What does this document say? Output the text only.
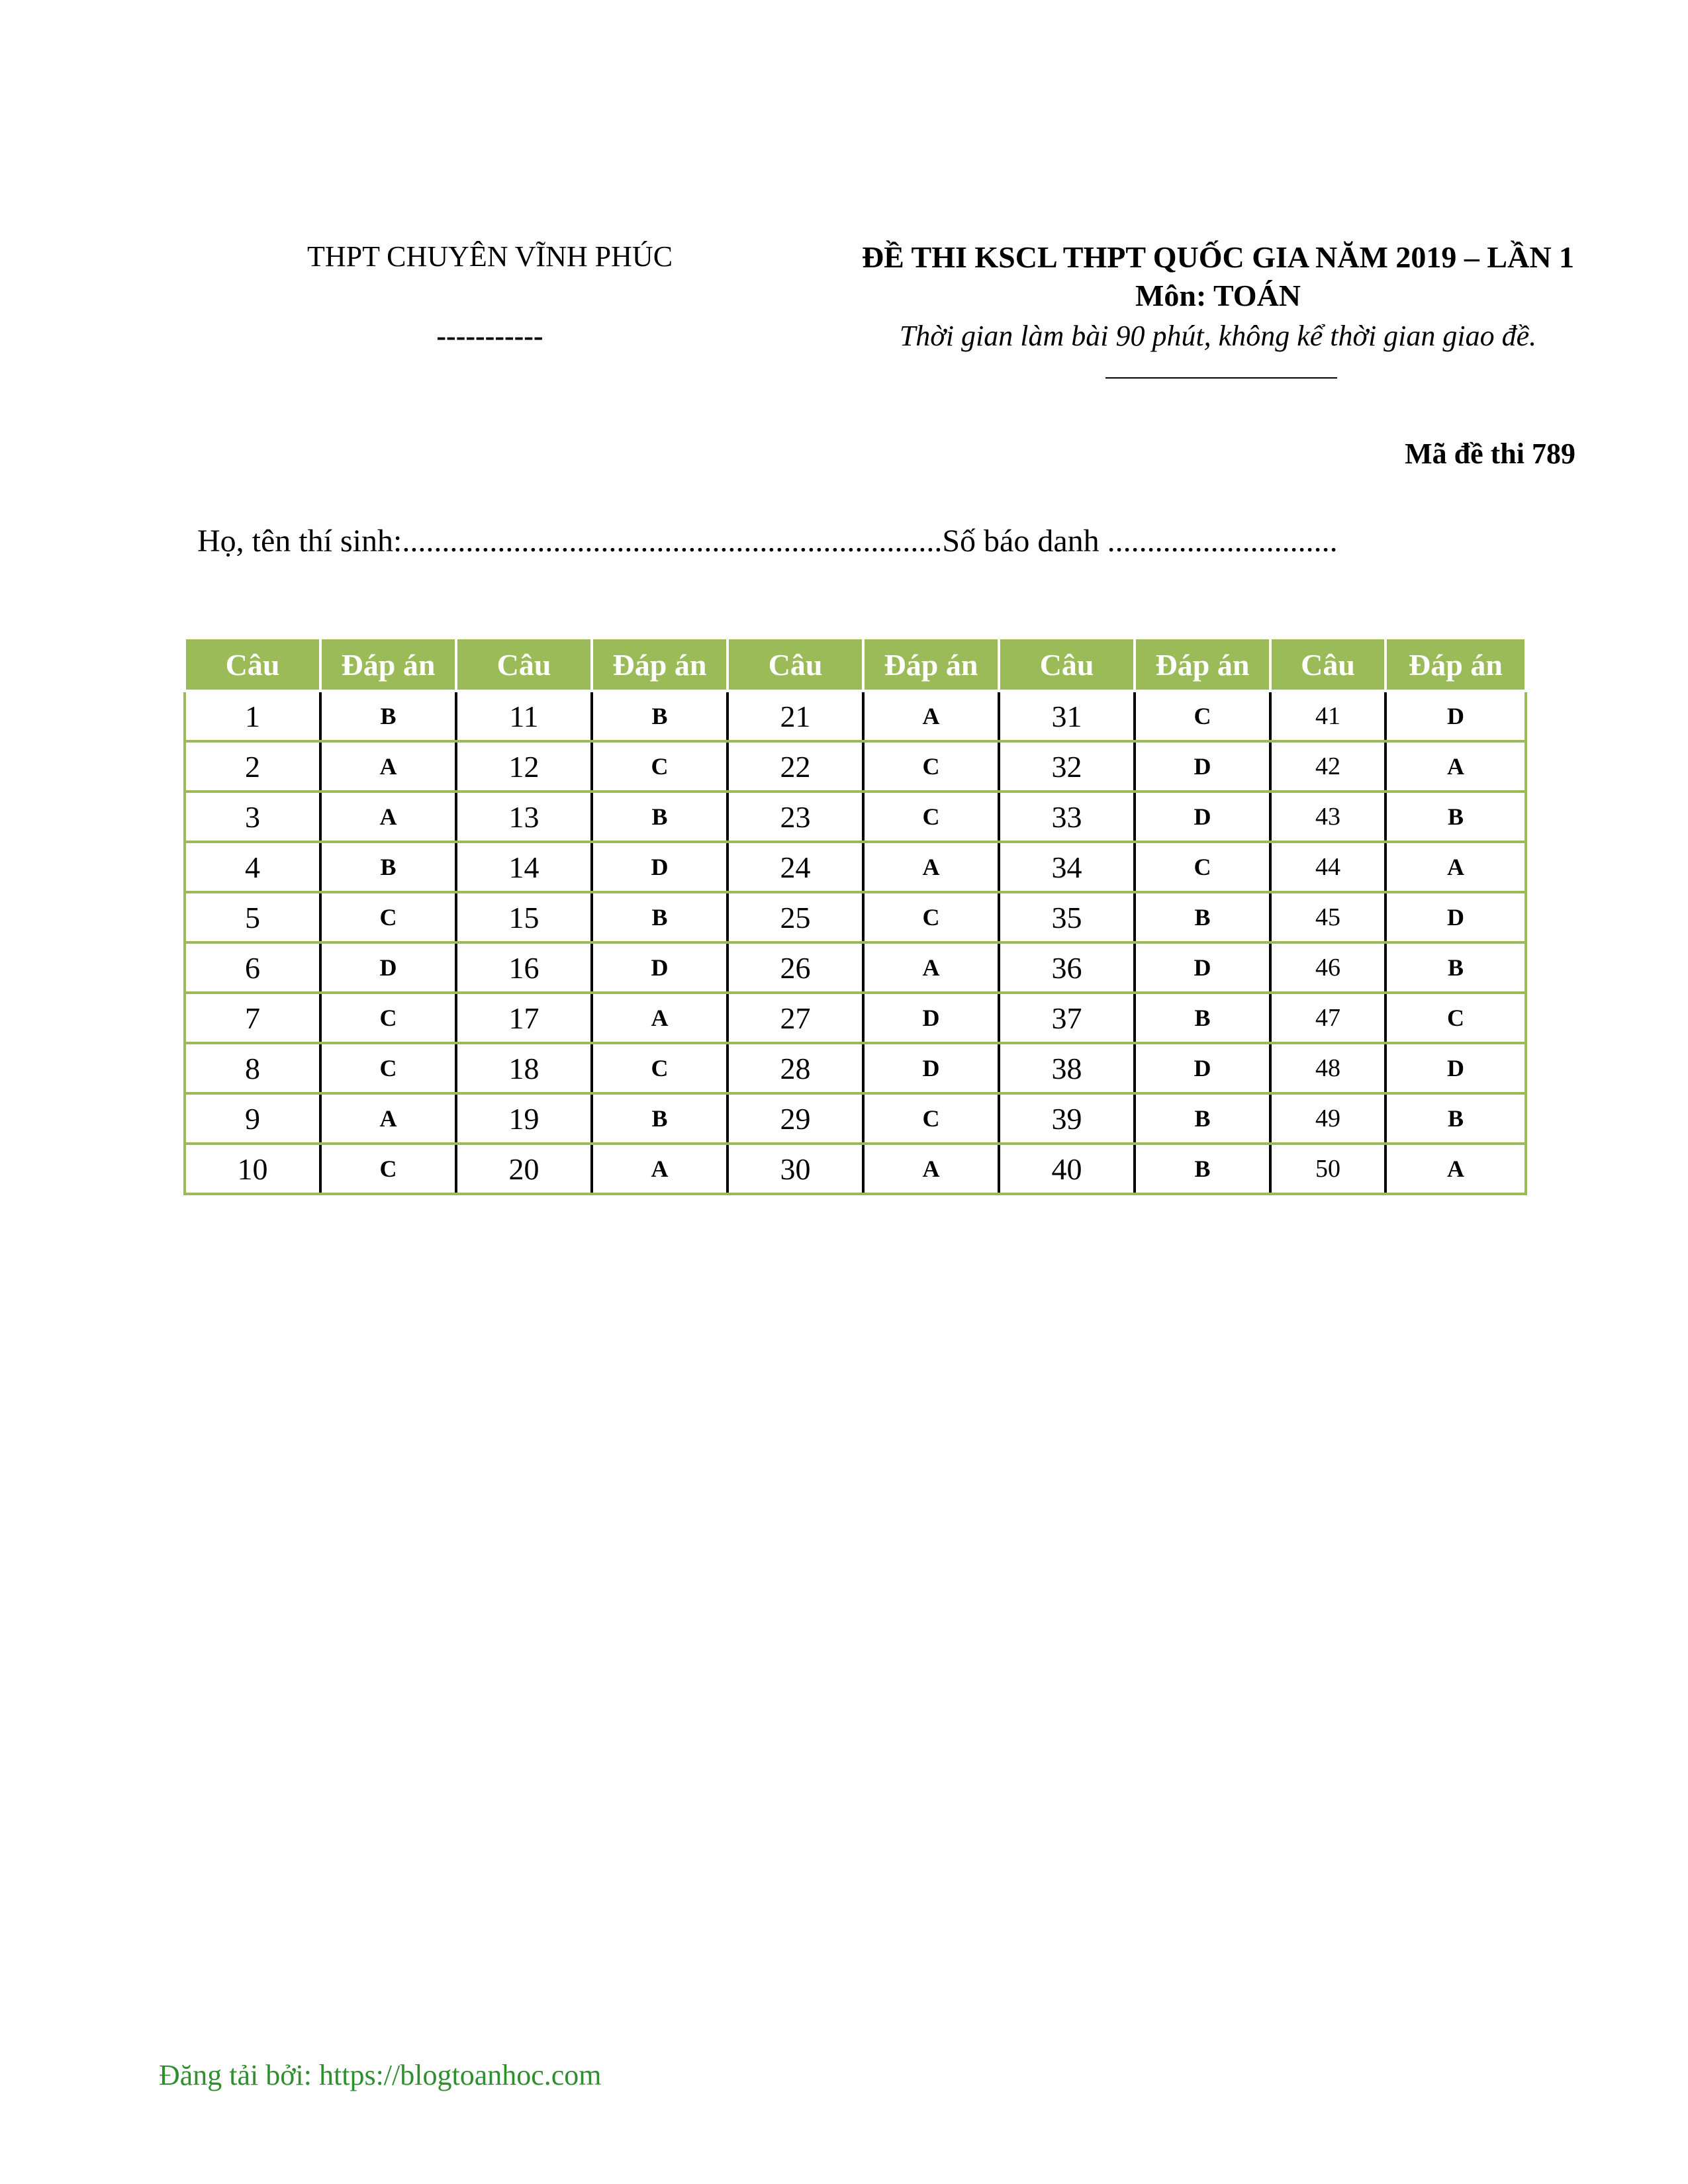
THPT CHUYÊN VĨNH PHÚC
-----------
ĐỀ THI KSCL THPT QUỐC GIA NĂM 2019 – LẦN 1
Môn: TOÁN
Thời gian làm bài 90 phút, không kể thời gian giao đề.
Mã đề thi 789
Họ, tên thí sinh:....................................................................Số báo danh .............................
Câu	Đáp án	Câu	Đáp án	Câu	Đáp án	Câu	Đáp án	Câu	Đáp án
1	B	11	B	21	A	31	C	41	D
2	A	12	C	22	C	32	D	42	A
3	A	13	B	23	C	33	D	43	B
4	B	14	D	24	A	34	C	44	A
5	C	15	B	25	C	35	B	45	D
6	D	16	D	26	A	36	D	46	B
7	C	17	A	27	D	37	B	47	C
8	C	18	C	28	D	38	D	48	D
9	A	19	B	29	C	39	B	49	B
10	C	20	A	30	A	40	B	50	A
Đăng tải bởi: https://blogtoanhoc.com
